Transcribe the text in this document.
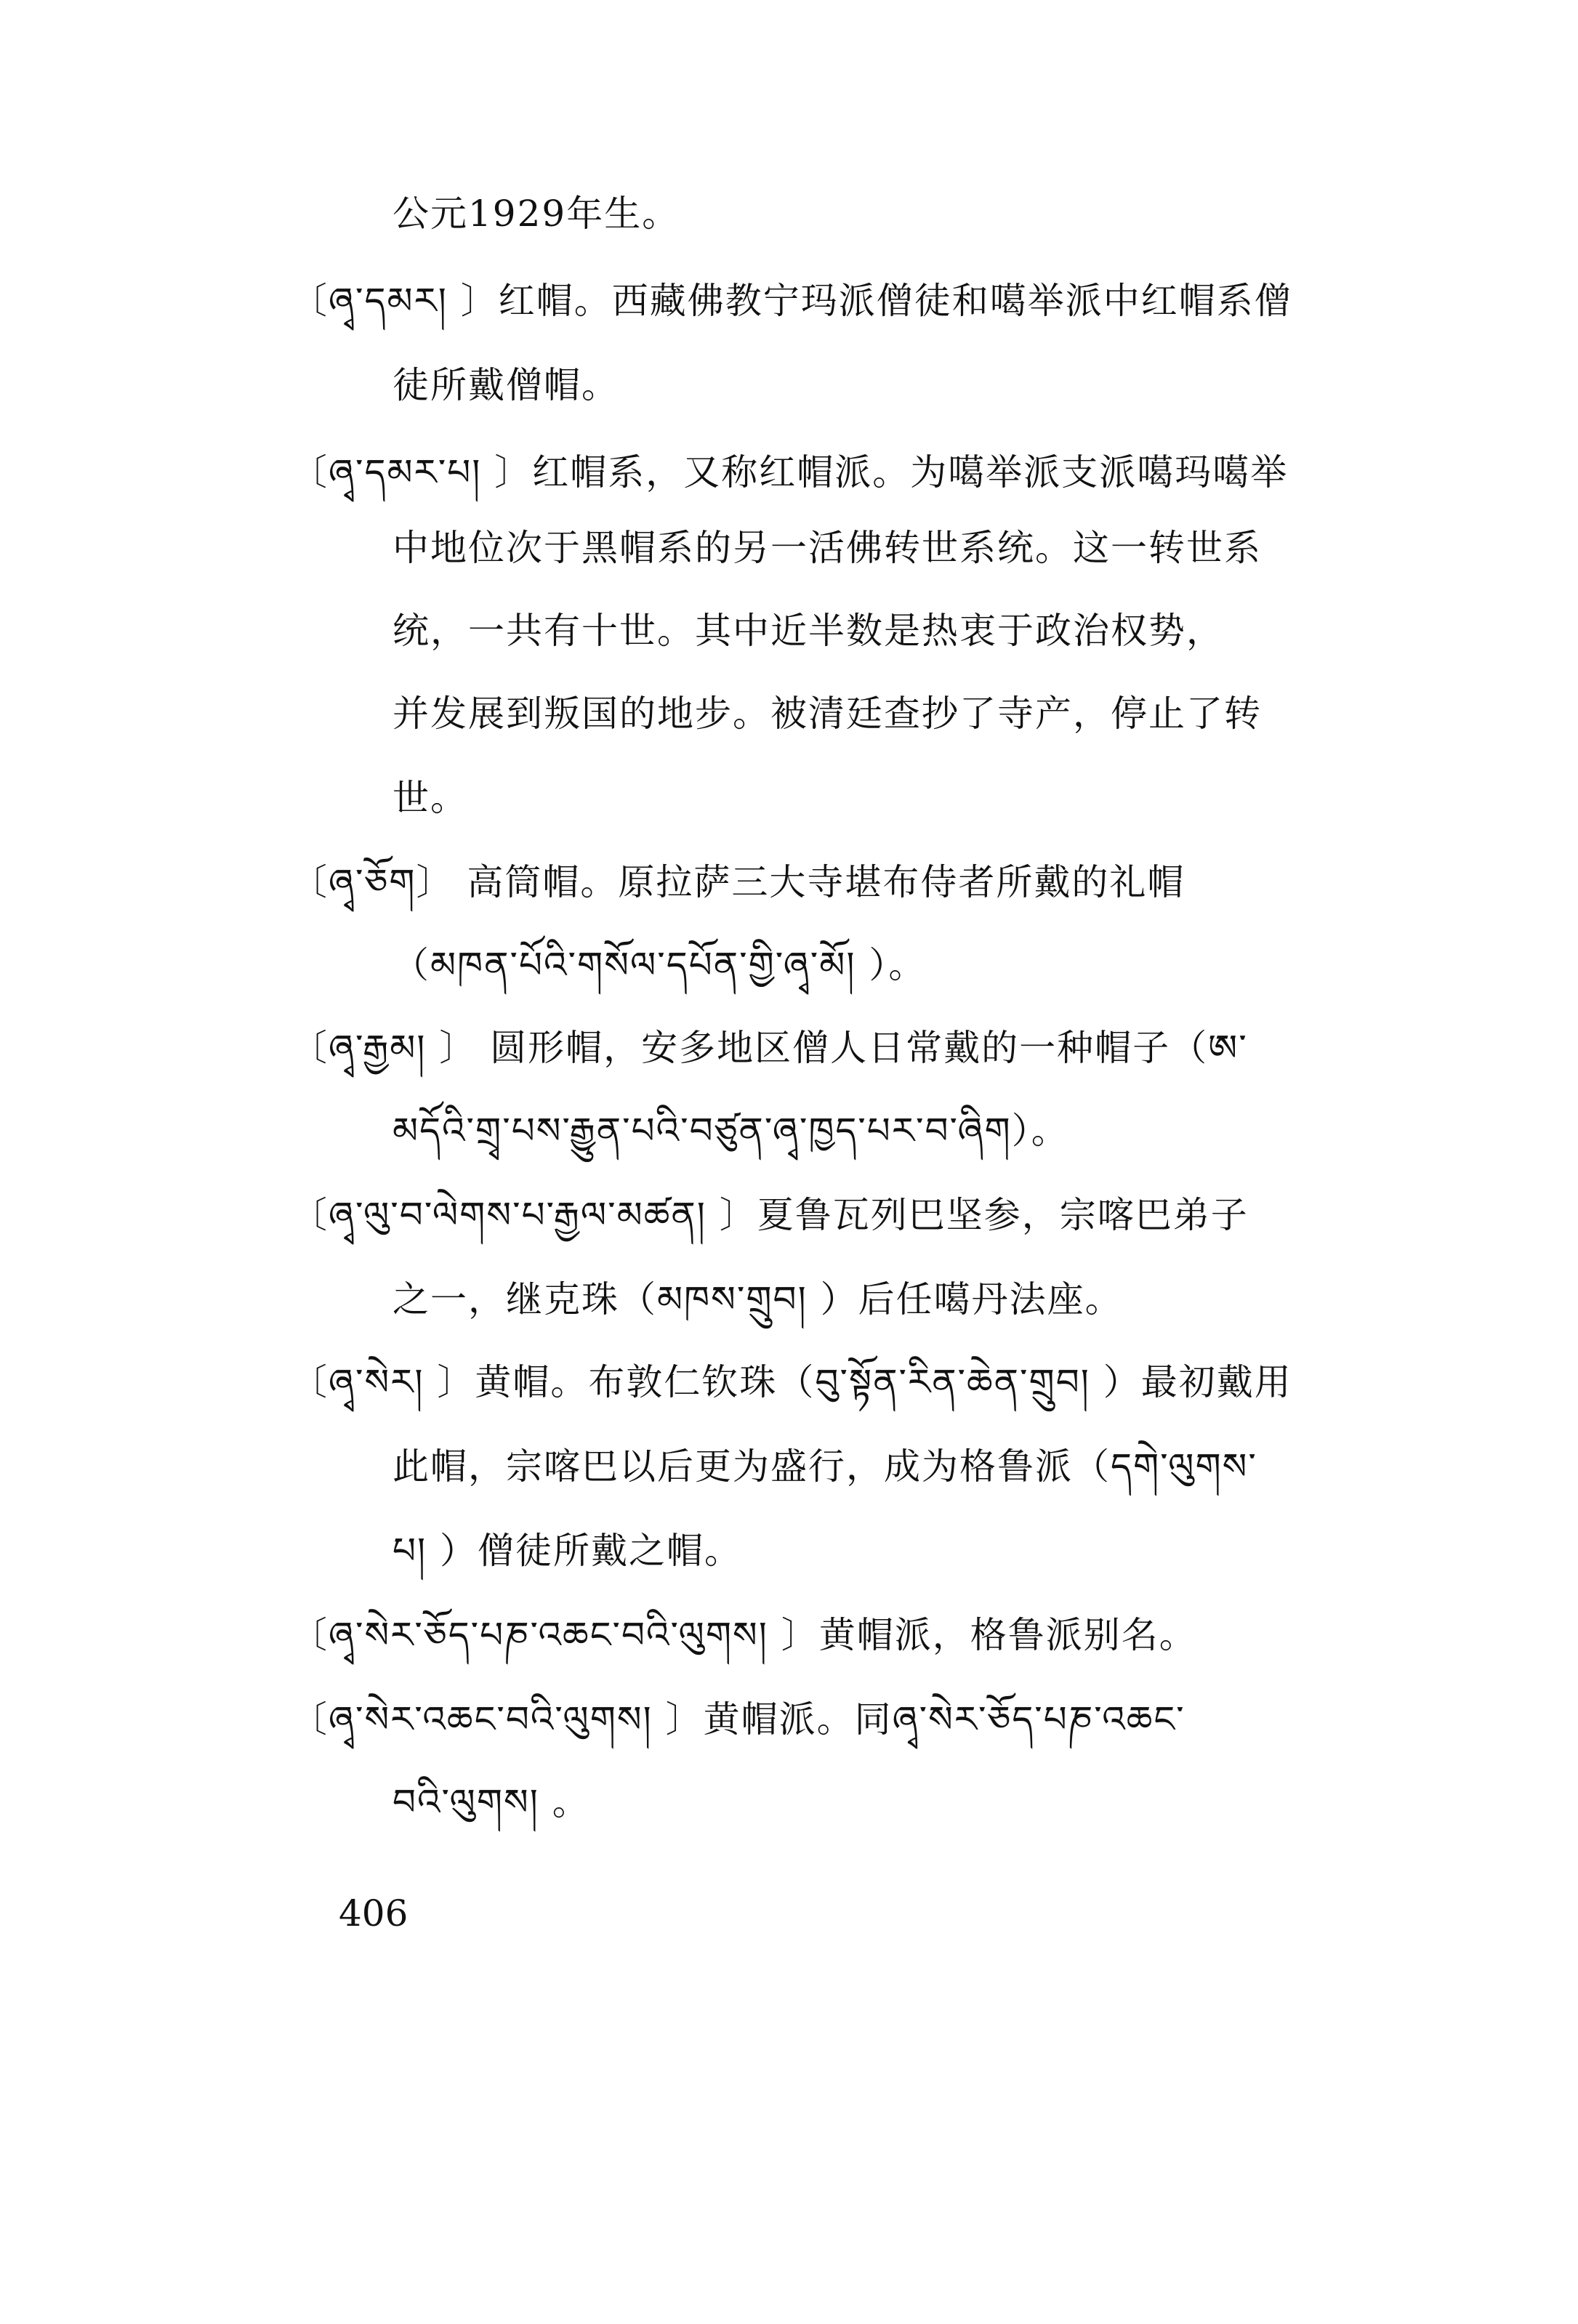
公元1929年生。
〔ཞྭ་དམར། 〕红帽。西藏佛教宁玛派僧徒和噶举派中红帽系僧
徒所戴僧帽。
〔ཞྭ་དམར་པ། 〕红帽系，又称红帽派。为噶举派支派噶玛噶举
中地位次于黑帽系的另一活佛转世系统。这一转世系
统，一共有十世。其中近半数是热衷于政治权势，
并发展到叛国的地步。被清廷查抄了寺产，停止了转
世。
〔ཞྭ་ཅོག〕 高筒帽。原拉萨三大寺堪布侍者所戴的礼帽
（མཁན་པོའི་གསོལ་དཔོན་གྱི་ཞྭ་མོ། ）。
〔ཞྭ་རྒྱམ། 〕 圆形帽，安多地区僧人日常戴的一种帽子（ཨ་
མདོའི་གྲྭ་པས་རྒྱུན་པའི་བཙུན་ཞྭ་ཁྱད་པར་བ་ཞིག）。
〔ཞྭ་ལུ་བ་ལེགས་པ་རྒྱལ་མཚན། 〕夏鲁瓦列巴坚参，宗喀巴弟子
之一，继克珠（མཁས་གྲུབ། ）后任噶丹法座。
〔ཞྭ་སེར། 〕黄帽。布敦仁钦珠（བུ་སྟོན་རིན་ཆེན་གྲུབ། ）最初戴用
此帽，宗喀巴以后更为盛行，成为格鲁派（དགེ་ལུགས་
པ། ）僧徒所戴之帽。
〔ཞྭ་སེར་ཅོད་པཎ་འཆང་བའི་ལུགས། 〕黄帽派，格鲁派别名。
〔ཞྭ་སེར་འཆང་བའི་ལུགས། 〕黄帽派。同ཞྭ་སེར་ཅོད་པཎ་འཆང་
བའི་ལུགས། 。
406
